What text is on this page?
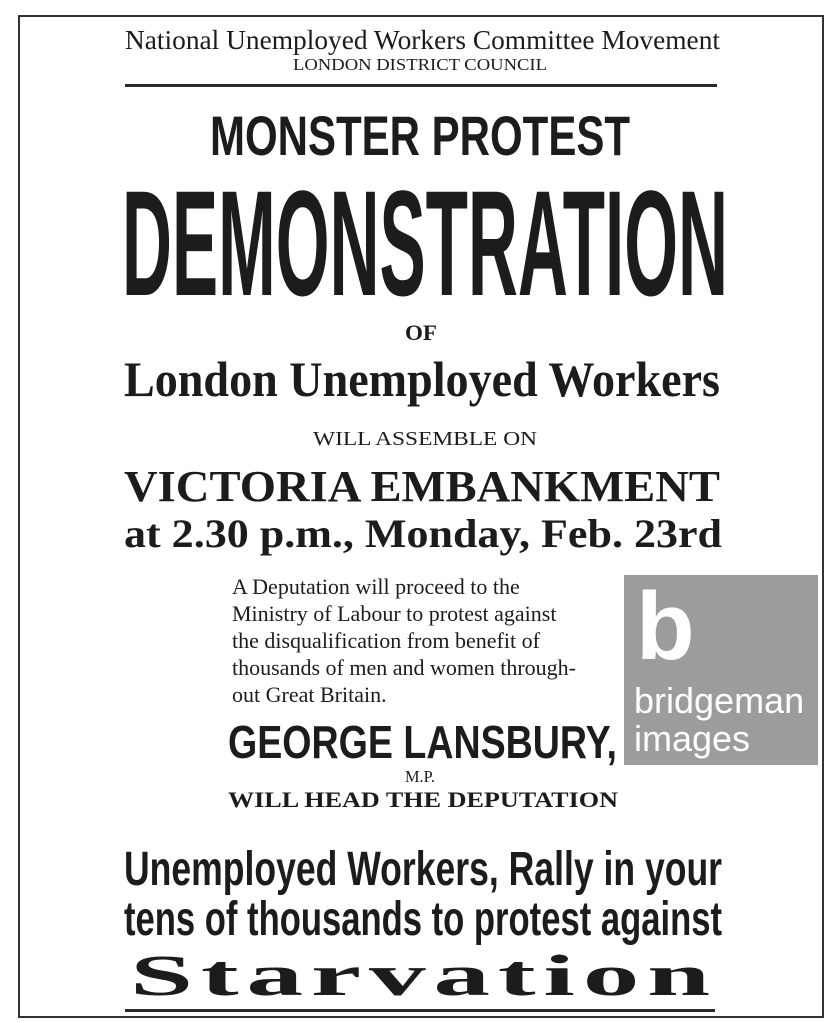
National Unemployed Workers Committee Movement
LONDON DISTRICT COUNCIL
MONSTER PROTEST
DEMONSTRATION
OF
London Unemployed Workers
WILL ASSEMBLE ON
VICTORIA EMBANKMENT
at 2.30 p.m., Monday, Feb. 23rd
A Deputation will proceed to the
Ministry of Labour to protest against
the disqualification from benefit of
thousands of men and women through-
out Great Britain.
GEORGE LANSBURY,
M.P.
WILL HEAD THE DEPUTATION
Unemployed Workers, Rally in your
tens of thousands to protest against
Starvation
b
bridgeman
images
